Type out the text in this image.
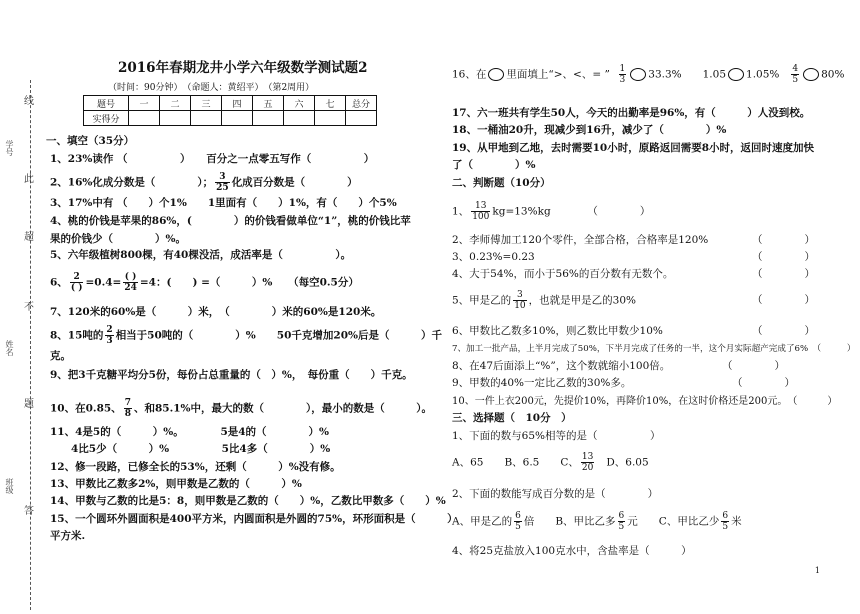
线
此
超
不
题
答
学号
姓名
班级
2016年春期龙井小学六年级数学测试题2
（时间：90分钟）　（命题人：黄绍平）　（第2周用）
题号	一	二	三	四	五	六	七	总分
实得分								
一、填空（35分）
1、23%读作 （　　　　　）　　百分之一点零五写作（　　　　　）
2、16%化成分数是（　　　　）； $\frac{3}{25}$ 化成百分数是（　　　　）
3、17%中有 （　　）个1%　　1里面有（　　）1%，有（　　）个5%
4、桃的价钱是苹果的86%，(　　　　）的价钱看做单位“1”，桃的价钱比苹
果的价钱少（　　　　）%。
5、六年级植树800棵，有40棵没活，成活率是（　　　　　）。
6、 $\frac{2}{( )} =0.4= \frac{( )}{24} =4$：(　　) =（　　　）%　　（每空0.5分）
7、120米的60%是（　　　）米，　（　　　　）米的60%是120米。
8、15吨的 $\frac{2}{3}$ 相当于50吨的（　　　　）%　　50千克增加20%后是（　　　）千
克。
9、把3千克糖平均分5份，每份占总重量的（　）%，　每份重（　　）千克。
10、在0.85、 $\frac{7}{8}$ 、和85.1%中，最大的数（　　　　），最小的数是（　　　）。
11、4是5的（　　　）%。　　　　5是4的（　　　　）%
　　4比5少（　　　）%　　　　　5比4多（　　　　）%
12、修一段路，已修全长的53%，还剩（　　　）%没有修。
13、甲数比乙数多2%，则甲数是乙数的（　　　）%
14、甲数与乙数的比是5：8，则甲数是乙数的（　　）%，乙数比甲数多（　　）%
15、一个圆环外圆面积是400平方米，内圆面积是外圆的75%，环形面积是（　　　）
平方米.
16、在 里面填上“>、<、= ” $\frac{1}{3} 33.3\%$　　1.05 $1.05\% \frac{4}{5} 80\%$
17、六一班共有学生50人，今天的出勤率是96%，有（　　　）人没到校。
18、一桶油20升，现减少到16升，减少了（　　　　）%
19、从甲地到乙地，去时需要10小时，原路返回需要8小时，返回时速度加快
了（　　　　）%
二、判断题（10分）
1、 $\frac{13}{100} kg=13\%kg$　　　　（　　　　）
2、李师傅加工120个零件，全部合格，合格率是120%	（　　　　）
3、0.23%=0.23	（　　　　）
4、大于54%，而小于56%的百分数有无数个。	（　　　　）
5、甲是乙的 $\frac{3}{10}$ ，也就是甲是乙的30%	（　　　　）
6、甲数比乙数多10%，则乙数比甲数少10%	（　　　　）
7、加工一批产品，上半月完成了50%，下半月完成了任务的一半，这个月实际超产完成了6%　（　　　）
8、在47后面添上“%”，这个数就缩小100倍。	（　　　　）
9、甲数的40%一定比乙数的30%多。	（　　　　）
10、一件上衣200元，先提价10%，再降价10%，在这时价格还是200元。　（　　　）
三、选择题（　10分　）
1、下面的数与65%相等的是（　　　　　）
A、65　　B、6.5　　C、 $\frac{13}{20}$ D、6.05
2、下面的数能写成百分数的是（　　　　）
A、甲是乙的 $\frac{6}{5}$ 倍　　B、甲比乙多 $\frac{6}{5}$ 元　　C、甲比乙少 $\frac{6}{5}$ 米
4、将25克盐放入100克水中，含盐率是（　　　）
1
